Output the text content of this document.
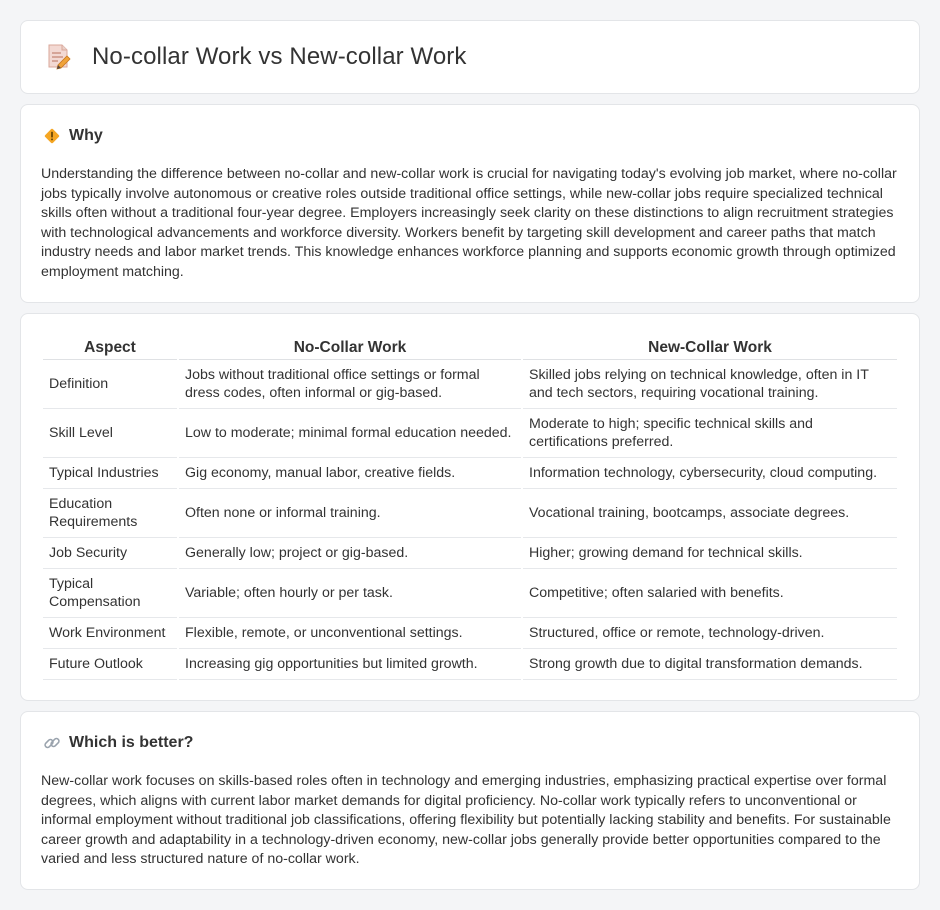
No-collar Work vs New-collar Work
Why

Understanding the difference between no-collar and new-collar work is crucial for navigating today's evolving job market, where no-collar jobs typically involve autonomous or creative roles outside traditional office settings, while new-collar jobs require specialized technical skills often without a traditional four-year degree. Employers increasingly seek clarity on these distinctions to align recruitment strategies with technological advancements and workforce diversity. Workers benefit by targeting skill development and career paths that match industry needs and labor market trends. This knowledge enhances workforce planning and supports economic growth through optimized employment matching.

Aspect	No-Collar Work	New-Collar Work
Definition	Jobs without traditional office settings or formal dress codes, often informal or gig-based.	Skilled jobs relying on technical knowledge, often in IT and tech sectors, requiring vocational training.
Skill Level	Low to moderate; minimal formal education needed.	Moderate to high; specific technical skills and certifications preferred.
Typical Industries	Gig economy, manual labor, creative fields.	Information technology, cybersecurity, cloud computing.
Education Requirements	Often none or informal training.	Vocational training, bootcamps, associate degrees.
Job Security	Generally low; project or gig-based.	Higher; growing demand for technical skills.
Typical Compensation	Variable; often hourly or per task.	Competitive; often salaried with benefits.
Work Environment	Flexible, remote, or unconventional settings.	Structured, office or remote, technology-driven.
Future Outlook	Increasing gig opportunities but limited growth.	Strong growth due to digital transformation demands.
Which is better?

New-collar work focuses on skills-based roles often in technology and emerging industries, emphasizing practical expertise over formal degrees, which aligns with current labor market demands for digital proficiency. No-collar work typically refers to unconventional or informal employment without traditional job classifications, offering flexibility but potentially lacking stability and benefits. For sustainable career growth and adaptability in a technology-driven economy, new-collar jobs generally provide better opportunities compared to the varied and less structured nature of no-collar work.
